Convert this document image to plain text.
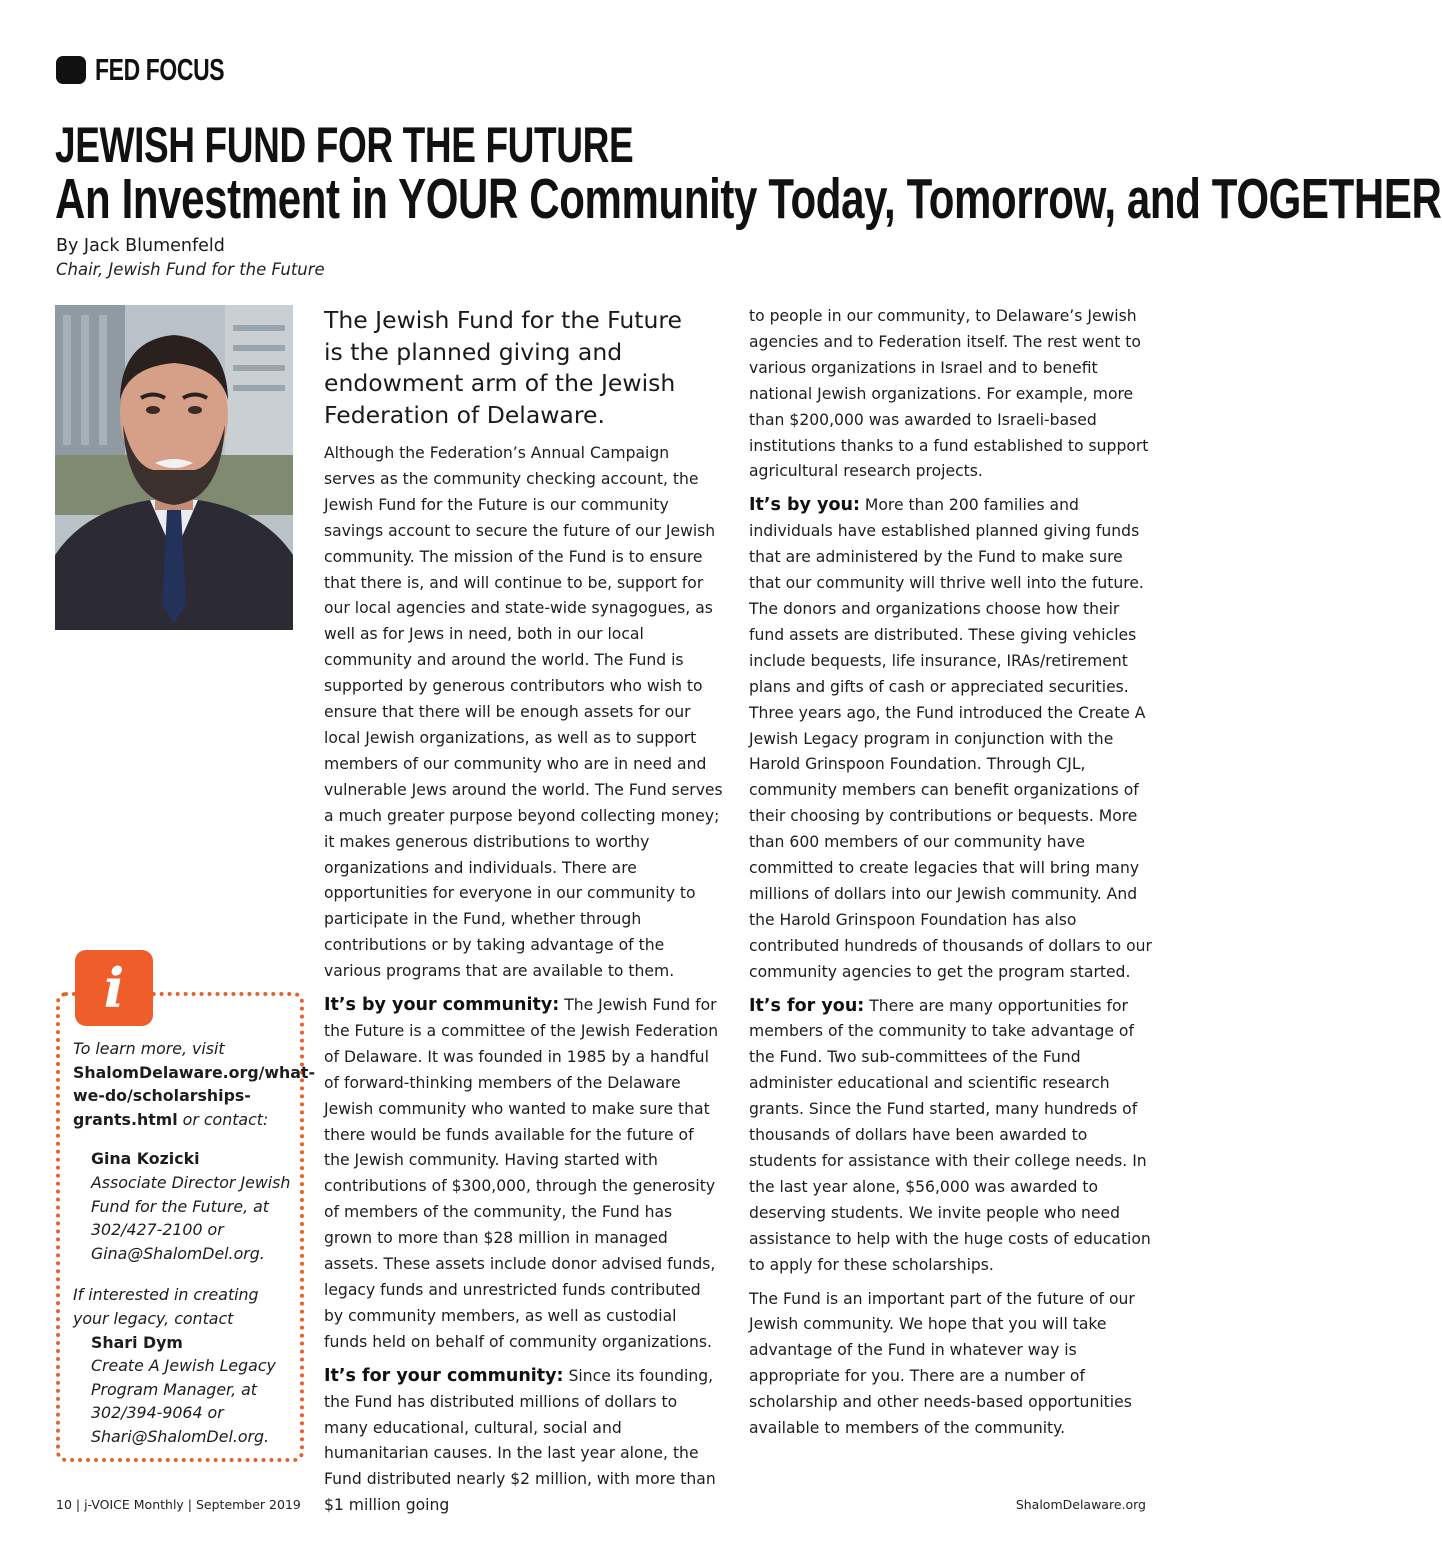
FED FOCUS
JEWISH FUND FOR THE FUTURE
An Investment in YOUR Community Today, Tomorrow, and TOGETHER
By Jack Blumenfeld
Chair, Jewish Fund for the Future
The Jewish Fund for the Future is the planned giving and endowment arm of the Jewish Federation of Delaware.

Although the Federation’s Annual Campaign serves as the community checking account, the Jewish Fund for the Future is our community savings account to secure the future of our Jewish community. The mission of the Fund is to ensure that there is, and will continue to be, support for our local agencies and state-wide synagogues, as well as for Jews in need, both in our local community and around the world. The Fund is supported by generous contributors who wish to ensure that there will be enough assets for our local Jewish organizations, as well as to support members of our community who are in need and vulnerable Jews around the world. The Fund serves a much greater purpose beyond collecting money; it makes generous distributions to worthy organizations and individuals. There are opportunities for everyone in our community to participate in the Fund, whether through contributions or by taking advantage of the various programs that are available to them.

It’s by your community: The Jewish Fund for the Future is a committee of the Jewish Federation of Delaware. It was founded in 1985 by a handful of forward-thinking members of the Delaware Jewish community who wanted to make sure that there would be funds available for the future of the Jewish community. Having started with contributions of $300,000, through the generosity of members of the community, the Fund has grown to more than $28 million in managed assets. These assets include donor advised funds, legacy funds and unrestricted funds contributed by community members, as well as custodial funds held on behalf of community organizations.

It’s for your community: Since its founding, the Fund has distributed millions of dollars to many educational, cultural, social and humanitarian causes. In the last year alone, the Fund distributed nearly $2 million, with more than $1 million going

to people in our community, to Delaware’s Jewish agencies and to Federation itself. The rest went to various organizations in Israel and to benefit national Jewish organizations. For example, more than $200,000 was awarded to Israeli-based institutions thanks to a fund established to support agricultural research projects.

It’s by you: More than 200 families and individuals have established planned giving funds that are administered by the Fund to make sure that our community will thrive well into the future. The donors and organizations choose how their fund assets are distributed. These giving vehicles include bequests, life insurance, IRAs/retirement plans and gifts of cash or appreciated securities. Three years ago, the Fund introduced the Create A Jewish Legacy program in conjunction with the Harold Grinspoon Foundation. Through CJL, community members can benefit organizations of their choosing by contributions or bequests. More than 600 members of our community have committed to create legacies that will bring many millions of dollars into our Jewish community. And the Harold Grinspoon Foundation has also contributed hundreds of thousands of dollars to our community agencies to get the program started.

It’s for you: There are many opportunities for members of the community to take advantage of the Fund. Two sub-committees of the Fund administer educational and scientific research grants. Since the Fund started, many hundreds of thousands of dollars have been awarded to students for assistance with their college needs. In the last year alone, $56,000 was awarded to deserving students. We invite people who need assistance to help with the huge costs of education to apply for these scholarships.

The Fund is an important part of the future of our Jewish community. We hope that you will take advantage of the Fund in whatever way is appropriate for you. There are a number of scholarship and other needs-based opportunities available to members of the community.

i
To learn more, visit ShalomDelaware.org/what-we-do/scholarships-grants.html or contact:
Gina Kozicki
Associate Director Jewish Fund for the Future, at 302/427-2100 or Gina@ShalomDel.org.
If interested in creating your legacy, contact
Shari Dym
Create A Jewish Legacy Program Manager, at 302/394-9064 or Shari@ShalomDel.org.
10 | j-VOICE Monthly | September 2019	ShalomDelaware.org
